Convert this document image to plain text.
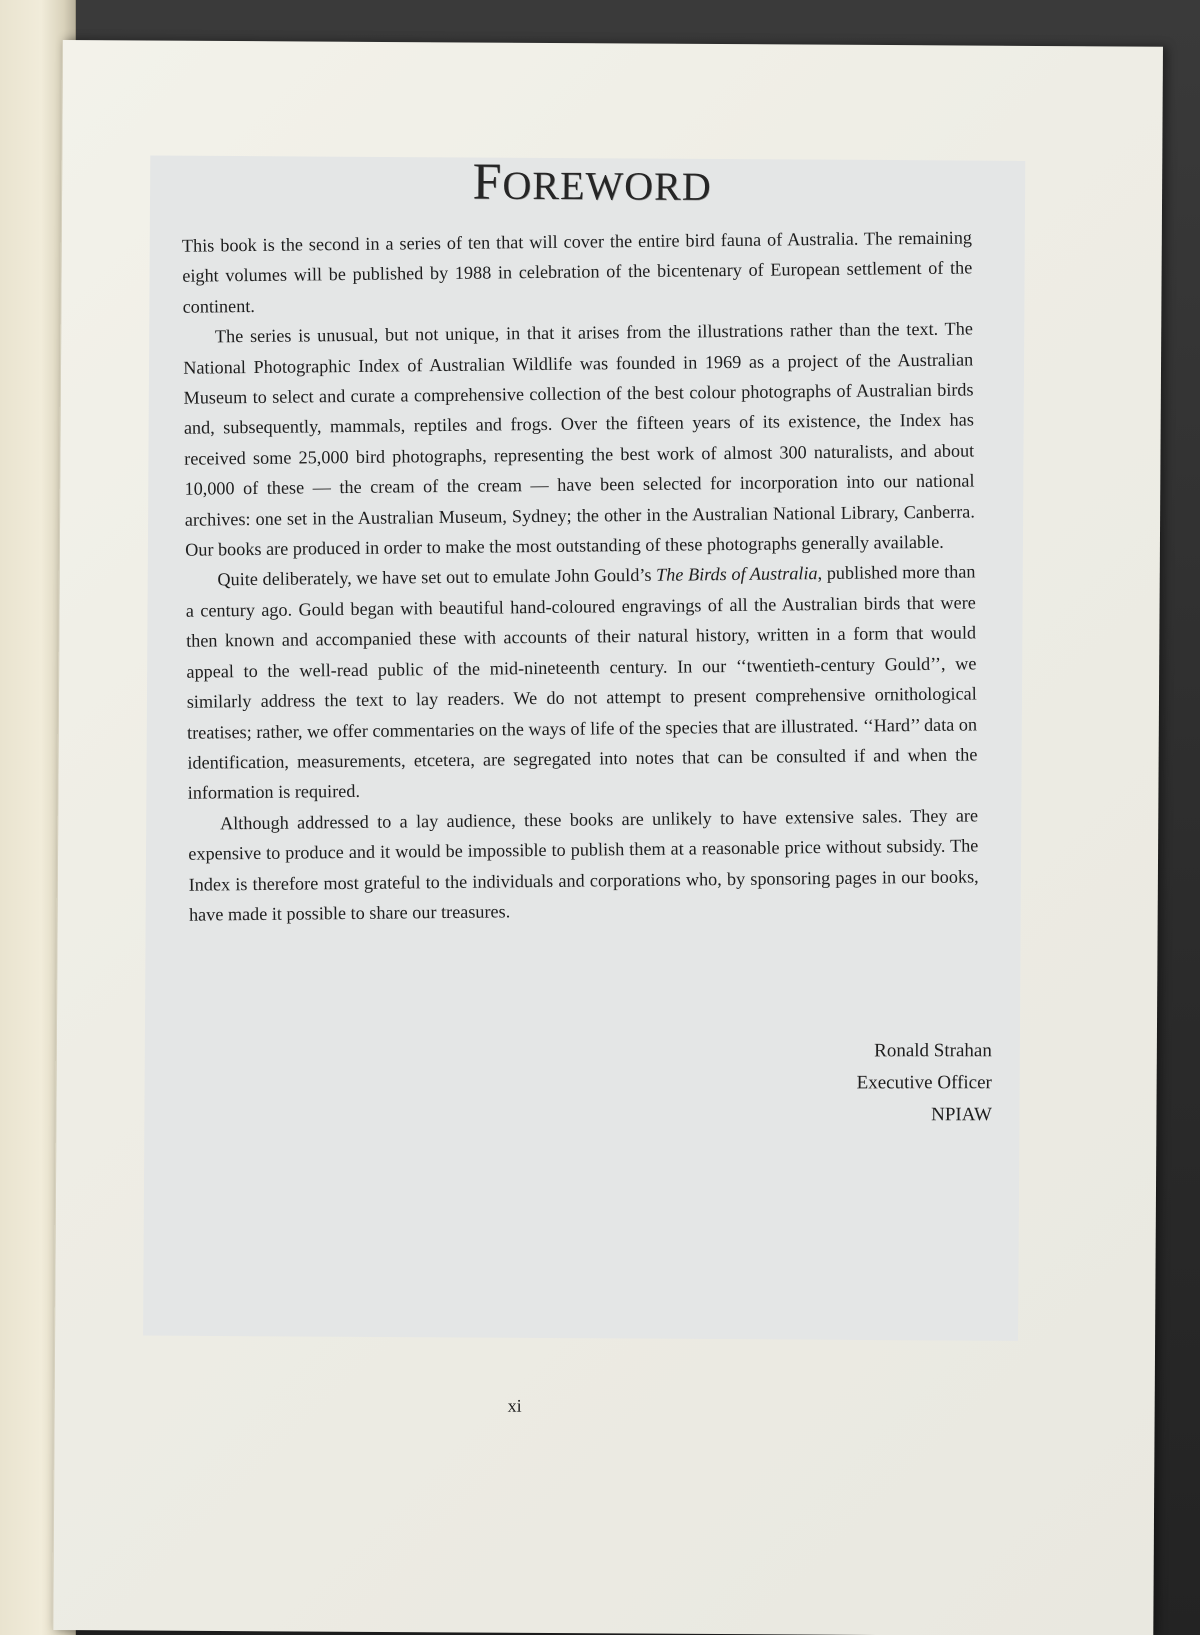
FOREWORD

This book is the second in a series of ten that will cover the entire bird fauna of Australia. The remaining eight volumes will be published by 1988 in celebration of the bicentenary of European settlement of the continent.

The series is unusual, but not unique, in that it arises from the illustrations rather than the text. The National Photographic Index of Australian Wildlife was founded in 1969 as a project of the Australian Museum to select and curate a comprehensive collection of the best colour photographs of Australian birds and, subsequently, mammals, reptiles and frogs. Over the fifteen years of its existence, the Index has received some 25,000 bird photographs, representing the best work of almost 300 naturalists, and about 10,000 of these — the cream of the cream — have been selected for incorporation into our national archives: one set in the Australian Museum, Sydney; the other in the Australian National Library, Canberra. Our books are produced in order to make the most outstanding of these photographs generally available.

Quite deliberately, we have set out to emulate John Gould’s The Birds of Australia, published more than a century ago. Gould began with beautiful hand-coloured engravings of all the Australian birds that were then known and accompanied these with accounts of their natural history, written in a form that would appeal to the well-read public of the mid-nineteenth century. In our ‘‘twentieth-century Gould’’, we similarly address the text to lay readers. We do not attempt to present comprehensive ornithological treatises; rather, we offer commentaries on the ways of life of the species that are illustrated. ‘‘Hard’’ data on identification, measurements, etcetera, are segregated into notes that can be consulted if and when the information is required.

Although addressed to a lay audience, these books are unlikely to have extensive sales. They are expensive to produce and it would be impossible to publish them at a reasonable price without subsidy. The Index is therefore most grateful to the individuals and corporations who, by sponsoring pages in our books, have made it possible to share our treasures.

Ronald Strahan
Executive Officer
NPIAW
xi
